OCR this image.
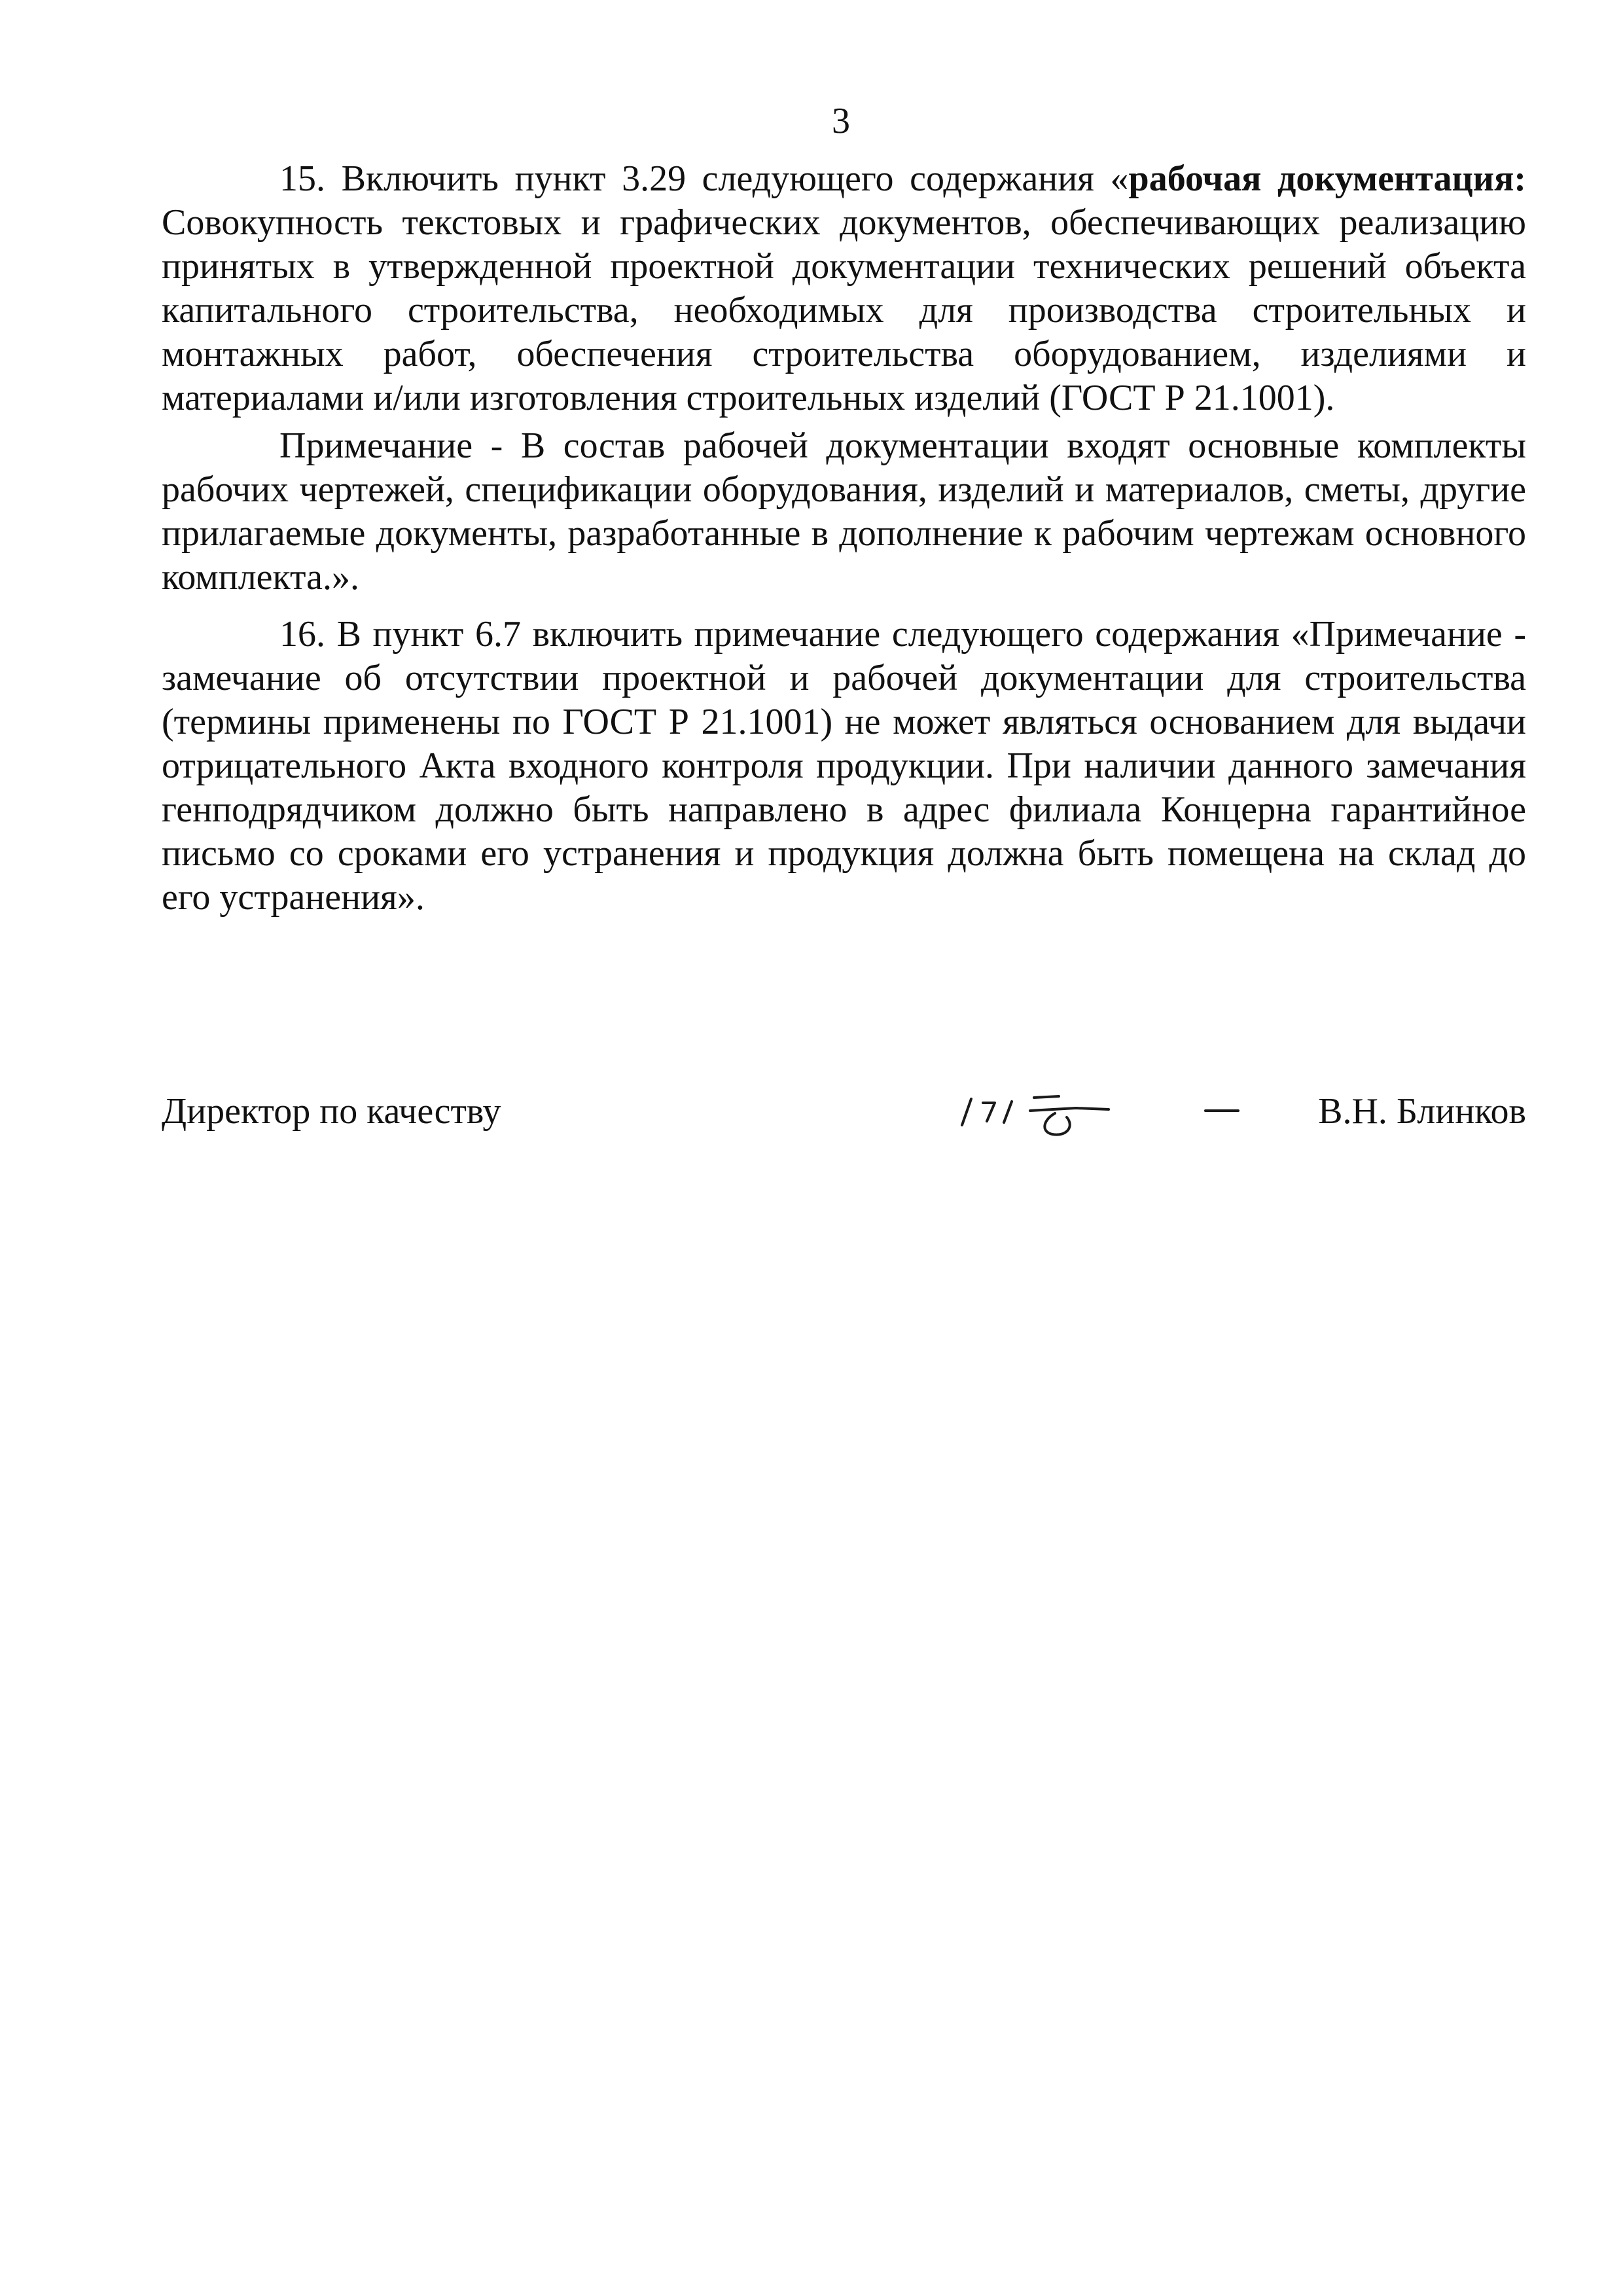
3

15. Включить пункт 3.29 следующего содержания «рабочая документация: Совокупность текстовых и графических документов, обеспечивающих реализацию принятых в утвержденной проектной документации технических решений объекта капитального строительства, необходимых для производства строительных и монтажных работ, обеспечения строительства оборудованием, изделиями и материалами и/или изготовления строительных изделий (ГОСТ Р 21.1001).

Примечание - В состав рабочей документации входят основные комплекты рабочих чертежей, спецификации оборудования, изделий и материалов, сметы, другие прилагаемые документы, разработанные в дополнение к рабочим чертежам основного комплекта.».

16. В пункт 6.7 включить примечание следующего содержания «Примечание - замечание об отсутствии проектной и рабочей документации для строительства (термины применены по ГОСТ Р 21.1001) не может являться основанием для выдачи отрицательного Акта входного контроля продукции. При наличии данного замечания генподрядчиком должно быть направлено в адрес филиала Концерна гарантийное письмо со сроками его устранения и продукция должна быть помещена на склад до его устранения».

Директор по качеству	В.Н. Блинков
